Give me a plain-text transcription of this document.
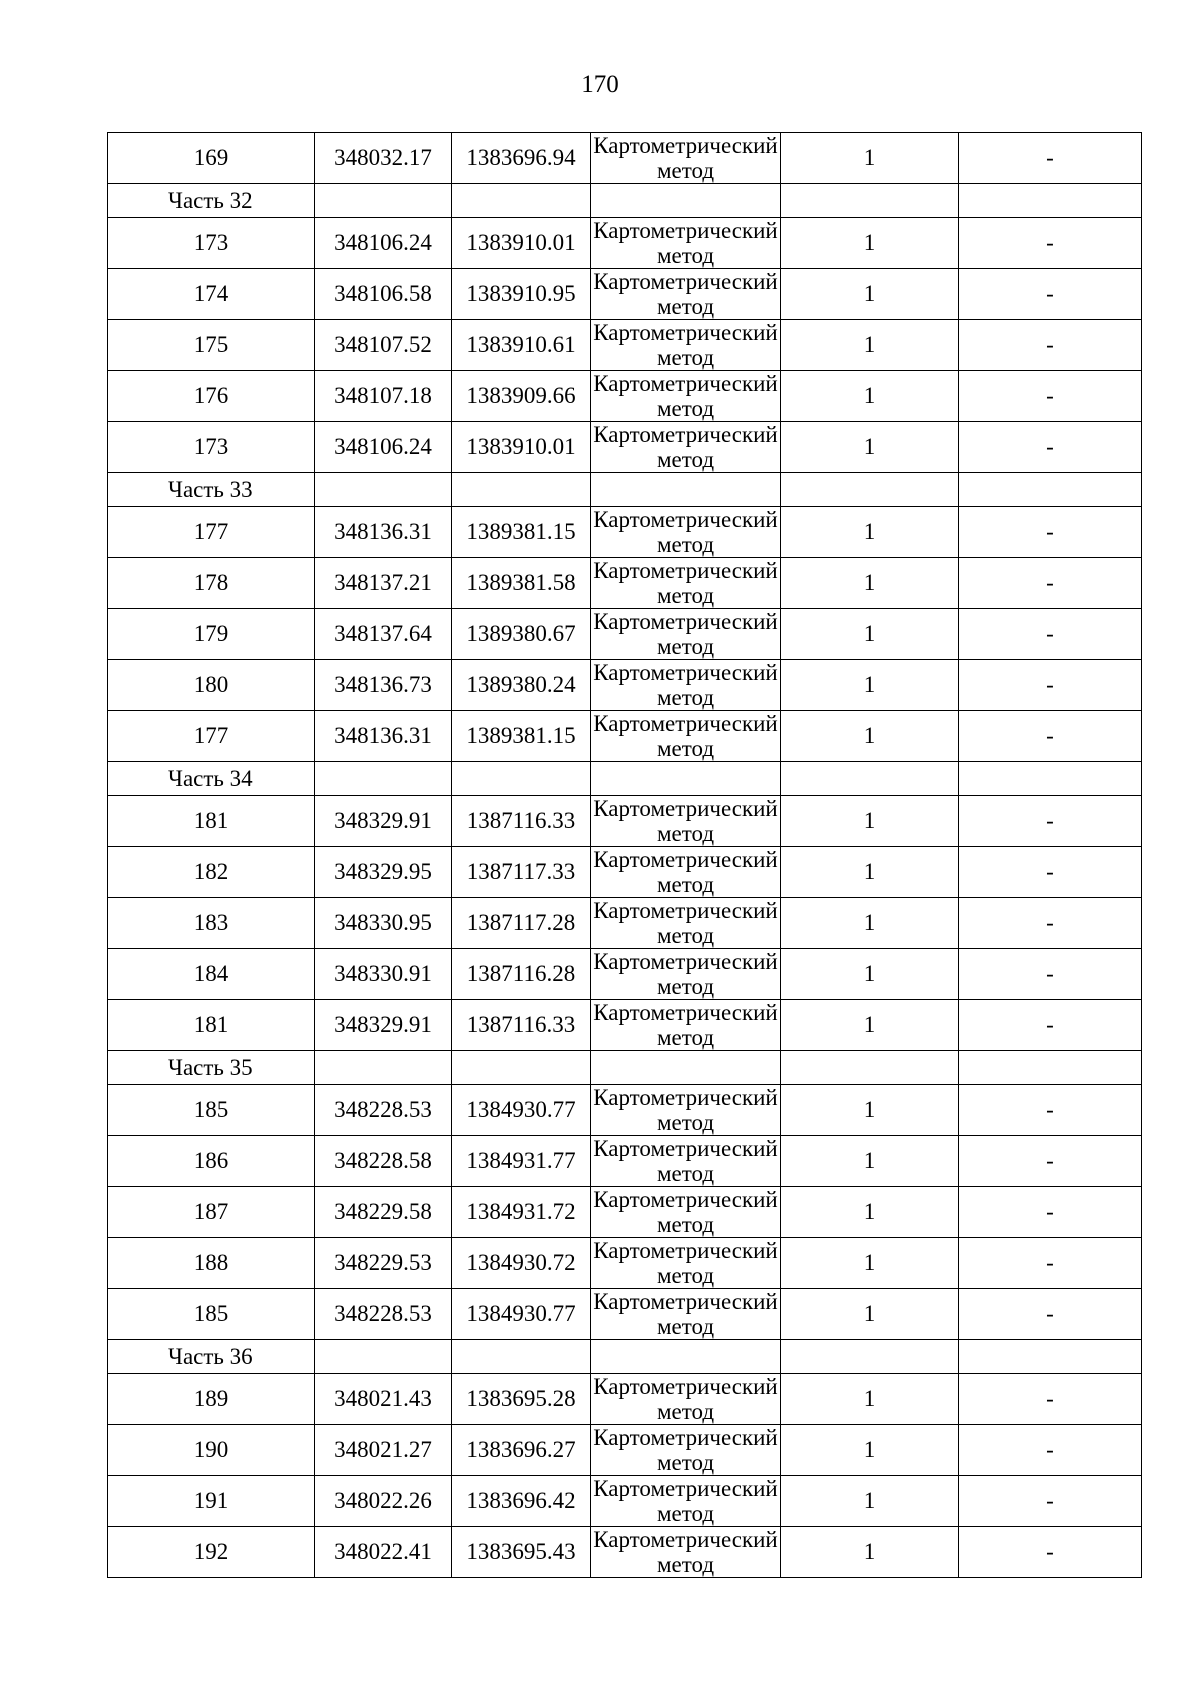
170
169	348032.17	1383696.94	Картометрический метод	1	-
Часть 32					
173	348106.24	1383910.01	Картометрический метод	1	-
174	348106.58	1383910.95	Картометрический метод	1	-
175	348107.52	1383910.61	Картометрический метод	1	-
176	348107.18	1383909.66	Картометрический метод	1	-
173	348106.24	1383910.01	Картометрический метод	1	-
Часть 33					
177	348136.31	1389381.15	Картометрический метод	1	-
178	348137.21	1389381.58	Картометрический метод	1	-
179	348137.64	1389380.67	Картометрический метод	1	-
180	348136.73	1389380.24	Картометрический метод	1	-
177	348136.31	1389381.15	Картометрический метод	1	-
Часть 34					
181	348329.91	1387116.33	Картометрический метод	1	-
182	348329.95	1387117.33	Картометрический метод	1	-
183	348330.95	1387117.28	Картометрический метод	1	-
184	348330.91	1387116.28	Картометрический метод	1	-
181	348329.91	1387116.33	Картометрический метод	1	-
Часть 35					
185	348228.53	1384930.77	Картометрический метод	1	-
186	348228.58	1384931.77	Картометрический метод	1	-
187	348229.58	1384931.72	Картометрический метод	1	-
188	348229.53	1384930.72	Картометрический метод	1	-
185	348228.53	1384930.77	Картометрический метод	1	-
Часть 36					
189	348021.43	1383695.28	Картометрический метод	1	-
190	348021.27	1383696.27	Картометрический метод	1	-
191	348022.26	1383696.42	Картометрический метод	1	-
192	348022.41	1383695.43	Картометрический метод	1	-
